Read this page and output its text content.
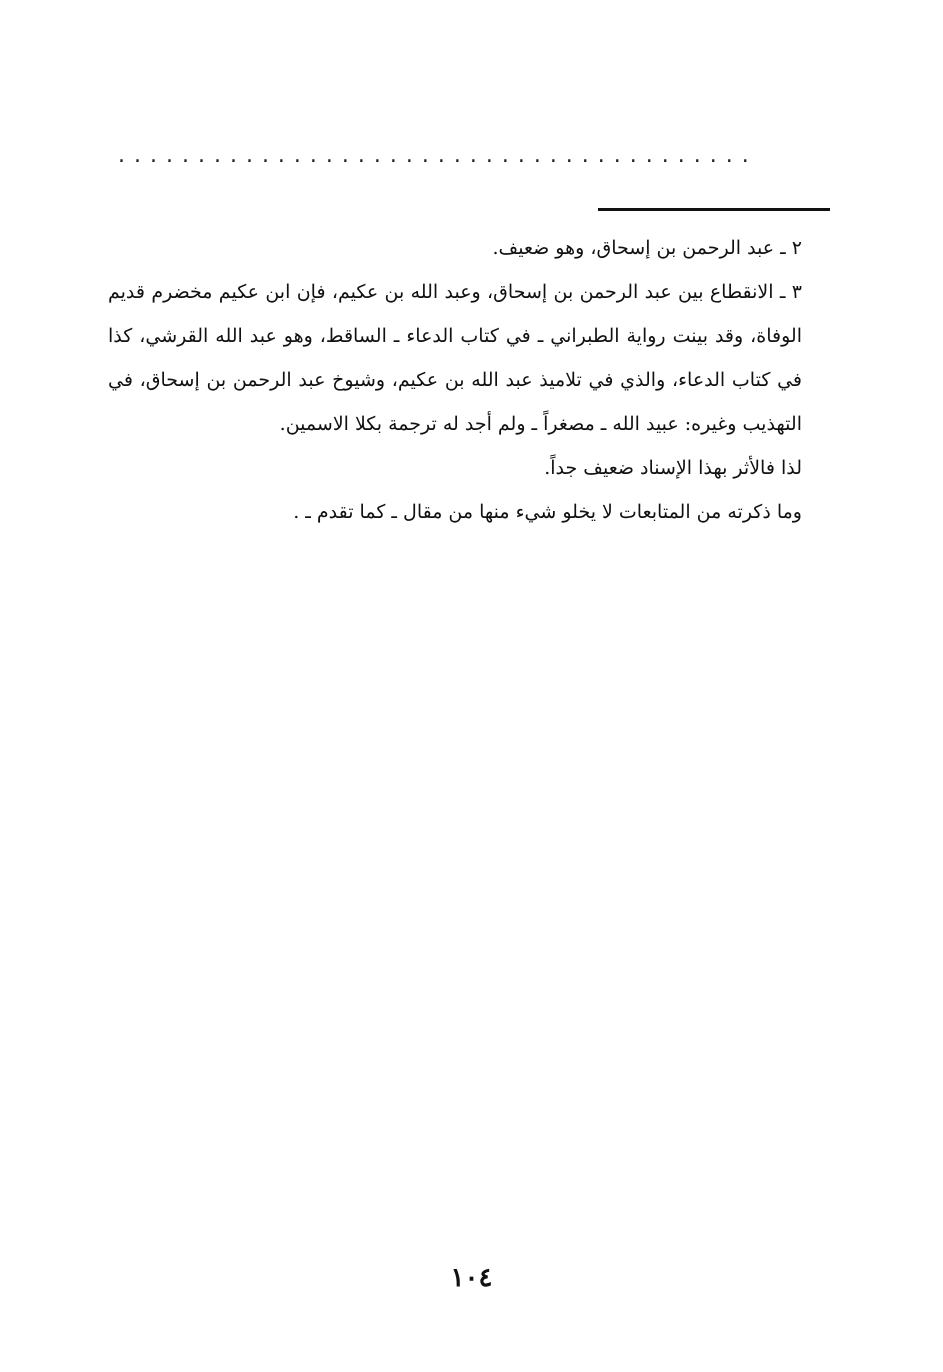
........................................

٢ ـ عبد الرحمن بن إسحاق، وهو ضعيف.

٣ ـ الانقطاع بين عبد الرحمن بن إسحاق، وعبد الله بن عكيم، فإن ابن عكيم مخضرم قديم الوفاة، وقد بينت رواية الطبراني ـ في كتاب الدعاء ـ الساقط، وهو عبد الله القرشي، كذا في كتاب الدعاء، والذي في تلاميذ عبد الله بن عكيم، وشيوخ عبد الرحمن بن إسحاق، في التهذيب وغيره: عبيد الله ـ مصغراً ـ ولم أجد له ترجمة بكلا الاسمين.

لذا فالأثر بهذا الإسناد ضعيف جداً.

وما ذكرته من المتابعات لا يخلو شيء منها من مقال ـ كما تقدم ـ .

١٠٤
